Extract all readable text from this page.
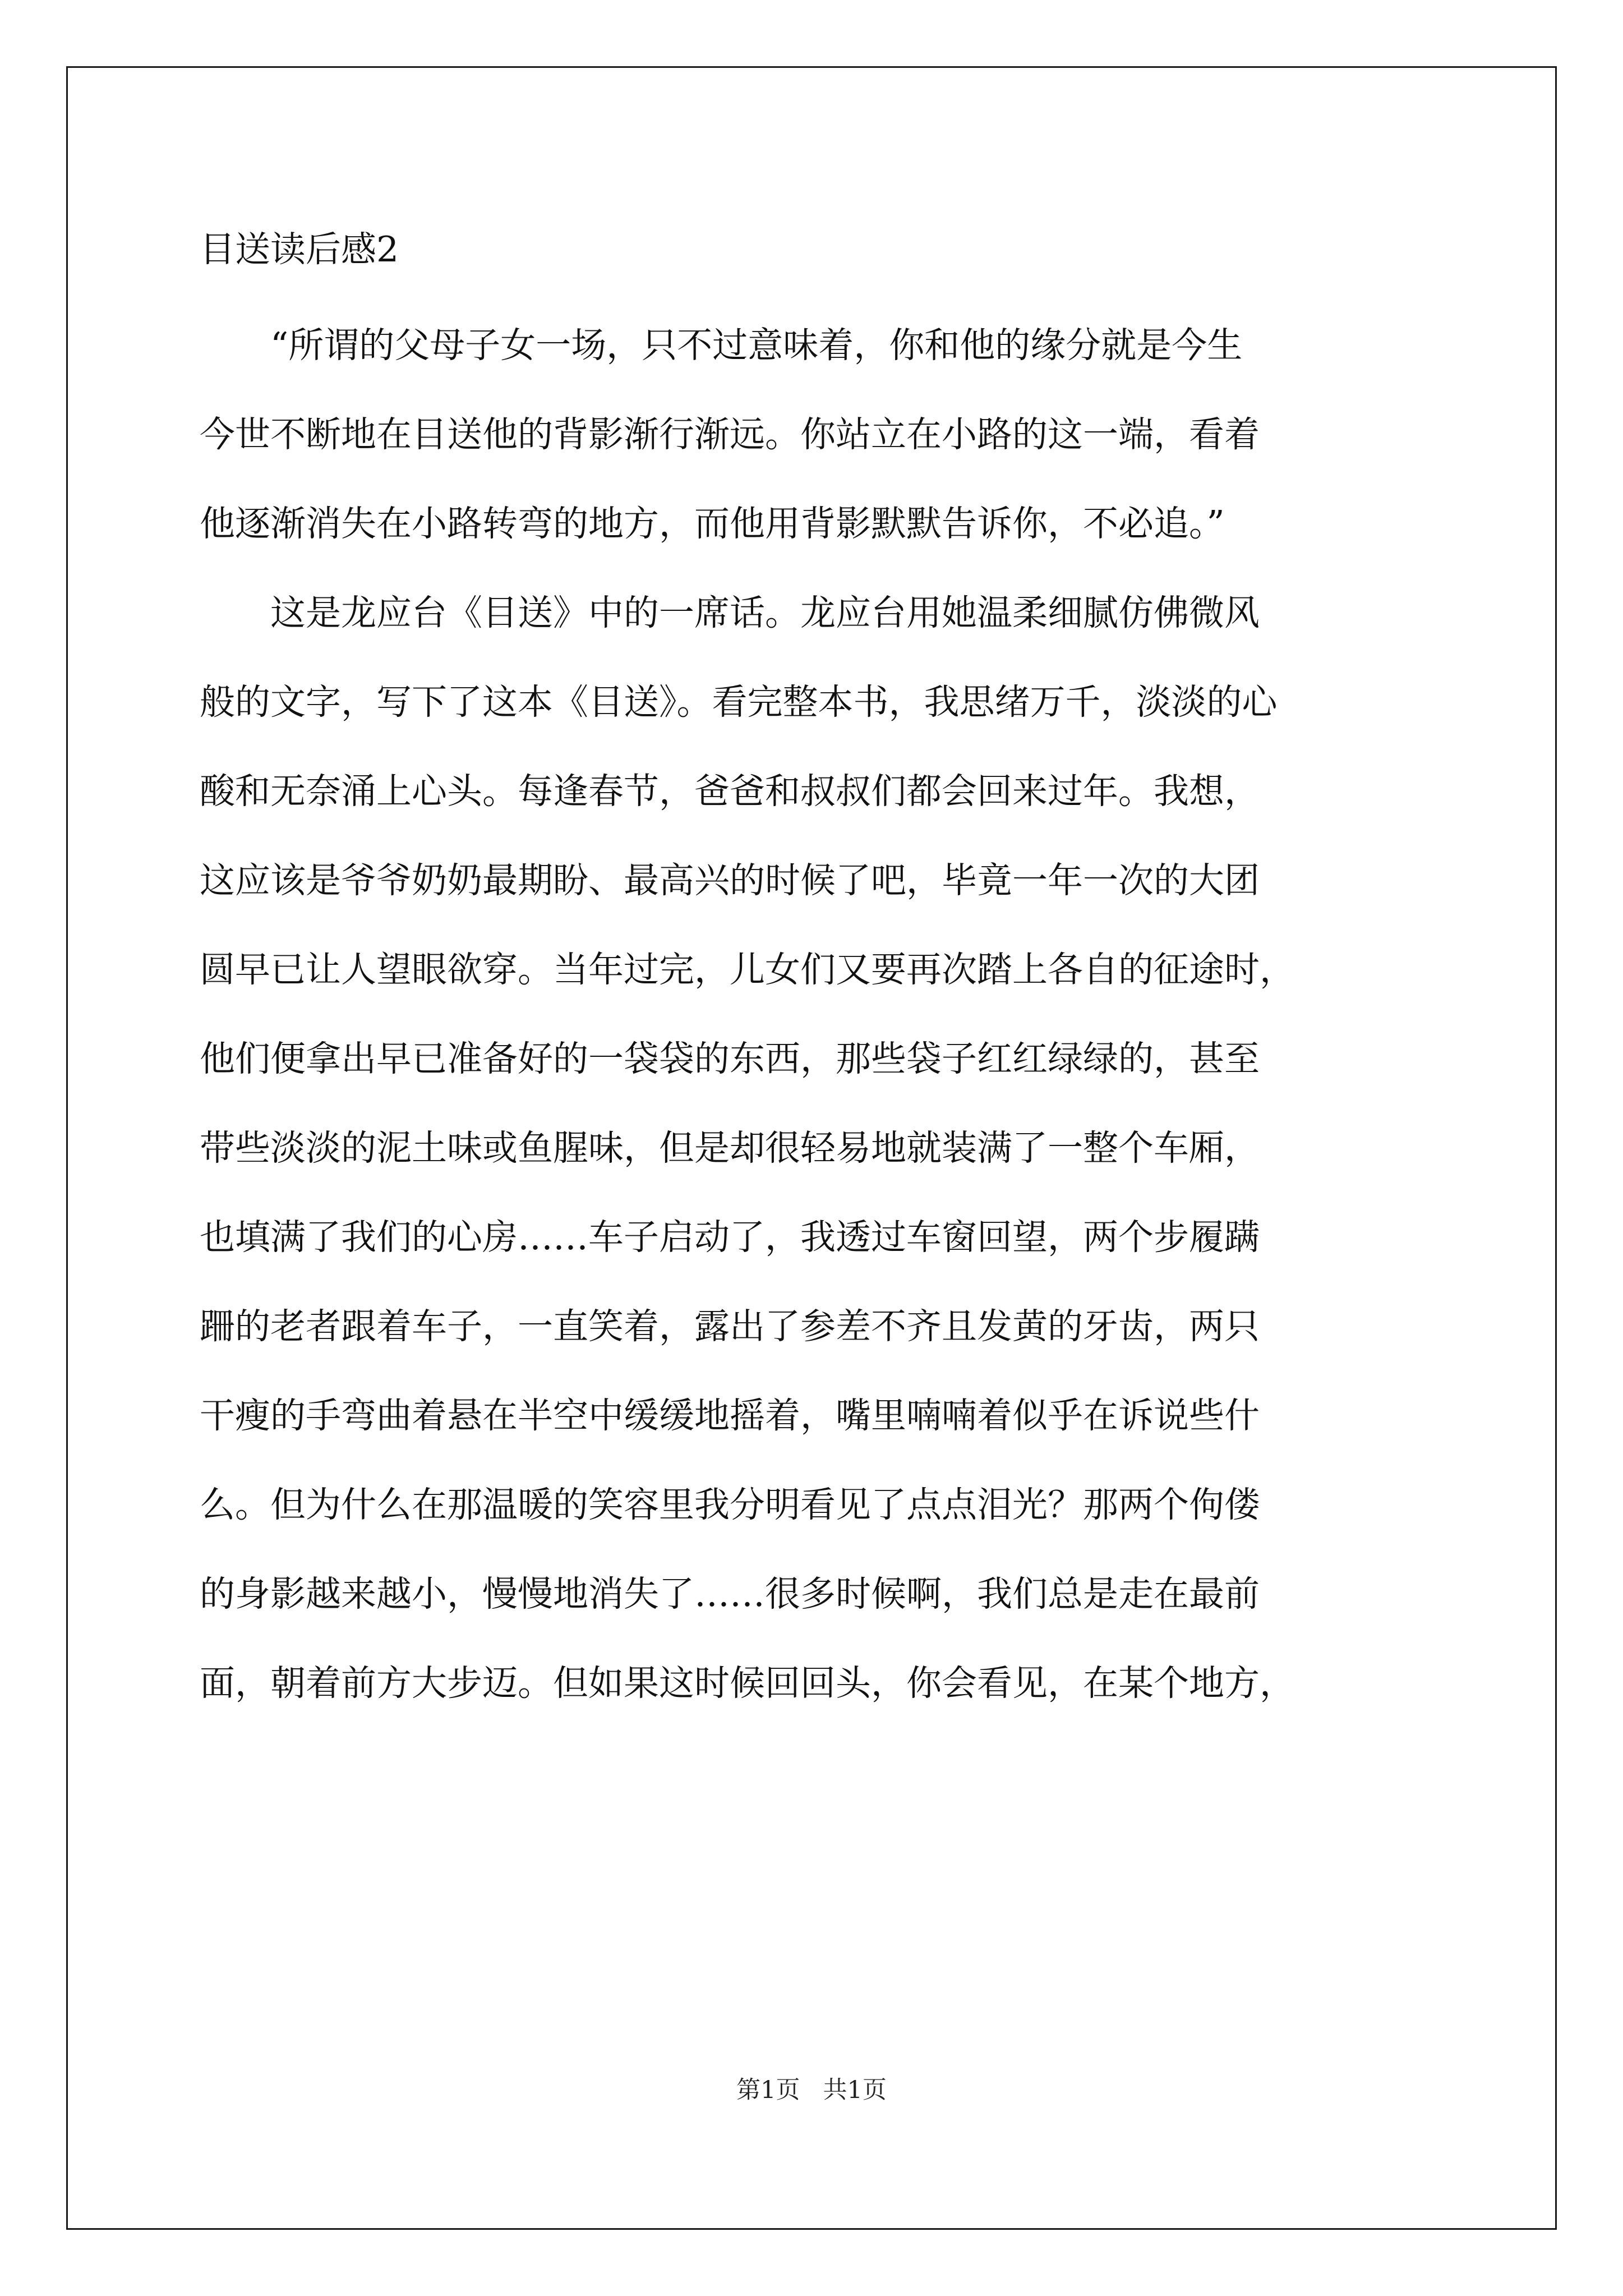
目送读后感2
“所谓的父母子女一场，只不过意味着，你和他的缘分就是今生
今世不断地在目送他的背影渐行渐远。你站立在小路的这一端，看着
他逐渐消失在小路转弯的地方，而他用背影默默告诉你，不必追。”
这是龙应台《目送》中的一席话。龙应台用她温柔细腻仿佛微风
般的文字，写下了这本《目送》。看完整本书，我思绪万千，淡淡的心
酸和无奈涌上心头。每逢春节，爸爸和叔叔们都会回来过年。我想，
这应该是爷爷奶奶最期盼、最高兴的时候了吧，毕竟一年一次的大团
圆早已让人望眼欲穿。当年过完，儿女们又要再次踏上各自的征途时，
他们便拿出早已准备好的一袋袋的东西，那些袋子红红绿绿的，甚至
带些淡淡的泥土味或鱼腥味，但是却很轻易地就装满了一整个车厢，
也填满了我们的心房……车子启动了，我透过车窗回望，两个步履蹒
跚的老者跟着车子，一直笑着，露出了参差不齐且发黄的牙齿，两只
干瘦的手弯曲着悬在半空中缓缓地摇着，嘴里喃喃着似乎在诉说些什
么。但为什么在那温暖的笑容里我分明看见了点点泪光？那两个佝偻
的身影越来越小，慢慢地消失了……很多时候啊，我们总是走在最前
面，朝着前方大步迈。但如果这时候回回头，你会看见，在某个地方，
第1页   共1页
